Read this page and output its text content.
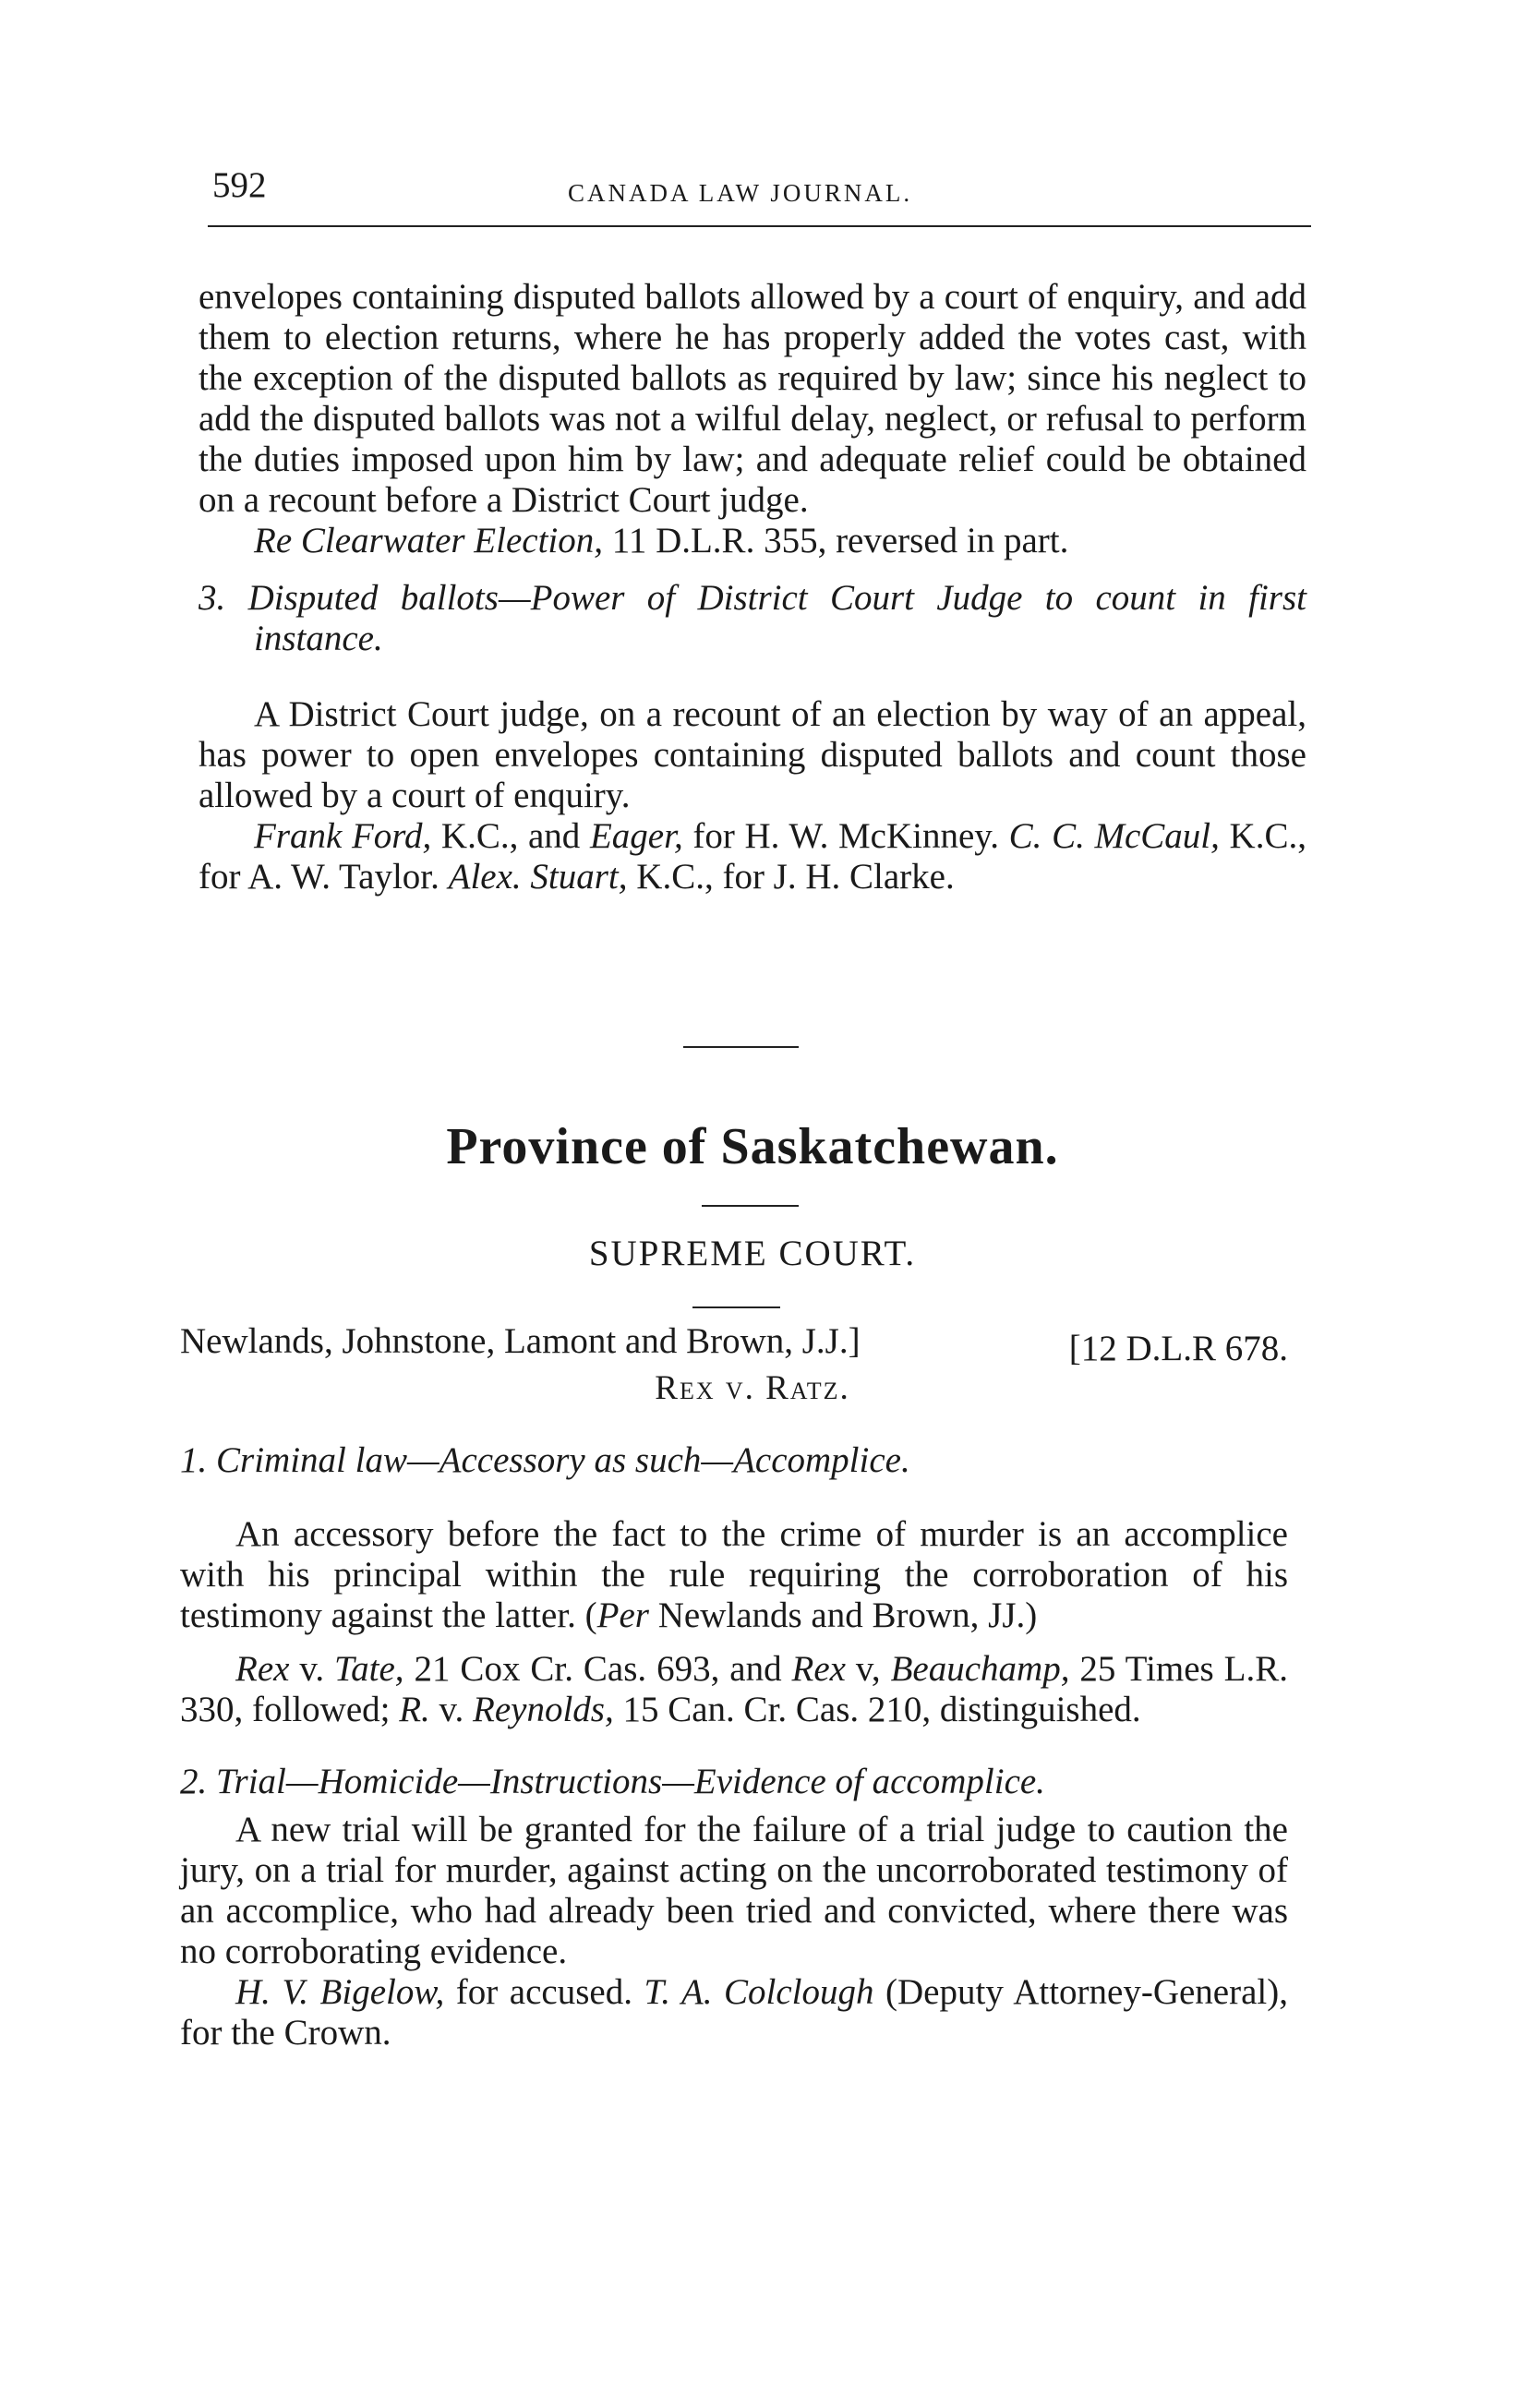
592	CANADA LAW JOURNAL.

envelopes containing disputed ballots allowed by a court of enquiry, and add them to election returns, where he has properly added the votes cast, with the exception of the disputed ballots as required by law; since his neglect to add the disputed ballots was not a wilful delay, neglect, or refusal to perform the duties imposed upon him by law; and adequate relief could be obtained on a recount before a District Court judge.

Re Clearwater Election, 11 D.L.R. 355, reversed in part.

3. Disputed ballots—Power of District Court Judge to count in first instance.

A District Court judge, on a recount of an election by way of an appeal, has power to open envelopes containing disputed ballots and count those allowed by a court of enquiry.

Frank Ford, K.C., and Eager, for H. W. McKinney. C. C. McCaul, K.C., for A. W. Taylor. Alex. Stuart, K.C., for J. H. Clarke.

Province of Saskatchewan.
SUPREME COURT.
Newlands, Johnstone, Lamont and Brown, J.J.]	[12 D.L.R 678.
Rex v. Ratz.

1. Criminal law—Accessory as such—Accomplice.

An accessory before the fact to the crime of murder is an accomplice with his principal within the rule requiring the corroboration of his testimony against the latter. (Per Newlands and Brown, JJ.)

Rex v. Tate, 21 Cox Cr. Cas. 693, and Rex v, Beauchamp, 25 Times L.R. 330, followed; R. v. Reynolds, 15 Can. Cr. Cas. 210, distinguished.

2. Trial—Homicide—Instructions—Evidence of accomplice.

A new trial will be granted for the failure of a trial judge to caution the jury, on a trial for murder, against acting on the uncorroborated testimony of an accomplice, who had already been tried and convicted, where there was no corroborating evidence.

H. V. Bigelow, for accused. T. A. Colclough (Deputy Attorney-General), for the Crown.
